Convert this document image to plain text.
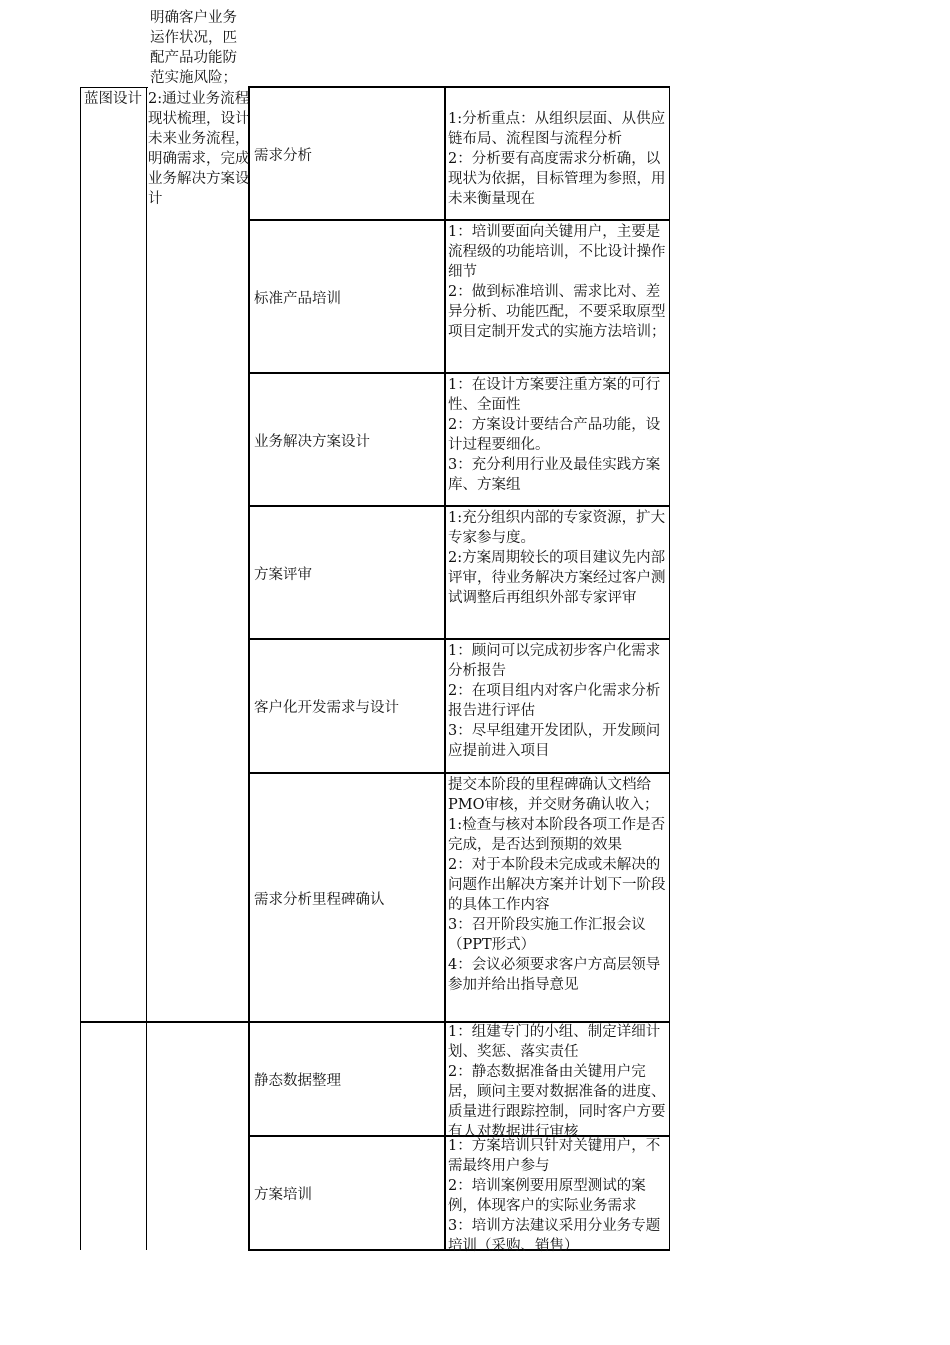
明确客户业务运作状况，匹配产品功能防范实施风险；
蓝图设计 2:通过业务流程现状梳理，设计未来业务流程，明确需求，完成业务解决方案设计
需求分析
1:分析重点：从组织层面、从供应链布局、流程图与流程分析
2：分析要有高度需求分析确，以现状为依据，目标管理为参照，用未来衡量现在
标准产品培训
1：培训要面向关键用户，主要是流程级的功能培训，不比设计操作细节
2：做到标准培训、需求比对、差异分析、功能匹配，不要采取原型项目定制开发式的实施方法培训；
业务解决方案设计
1：在设计方案要注重方案的可行性、全面性
2：方案设计要结合产品功能，设计过程要细化。
3：充分利用行业及最佳实践方案库、方案组
方案评审
1:充分组织内部的专家资源，扩大专家参与度。
2:方案周期较长的项目建议先内部评审，待业务解决方案经过客户测试调整后再组织外部专家评审
客户化开发需求与设计
1：顾问可以完成初步客户化需求分析报告
2：在项目组内对客户化需求分析报告进行评估
3：尽早组建开发团队，开发顾问应提前进入项目
需求分析里程碑确认
提交本阶段的里程碑确认文档给PMO审核，并交财务确认收入；
1:检查与核对本阶段各项工作是否完成，是否达到预期的效果
2：对于本阶段未完成或未解决的问题作出解决方案并计划下一阶段的具体工作内容
3：召开阶段实施工作汇报会议（PPT形式）
4：会议必须要求客户方高层领导参加并给出指导意见
静态数据整理
1：组建专门的小组、制定详细计划、奖惩、落实责任
2：静态数据准备由关键用户完居，顾问主要对数据准备的进度、质量进行跟踪控制，同时客户方要有人对数据进行审核
方案培训
1：方案培训只针对关键用户，不需最终用户参与
2：培训案例要用原型测试的案例，体现客户的实际业务需求
3：培训方法建议采用分业务专题培训（采购、销售）
